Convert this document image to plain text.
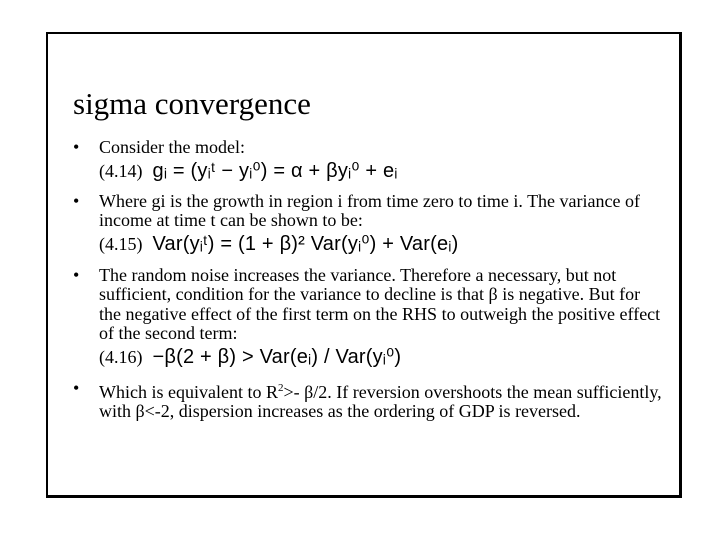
sigma convergence
•	Consider the model:
(4.14) gᵢ = (yᵢᵗ − yᵢ⁰) = α + βyᵢ⁰ + eᵢ
•	Where gi is the growth in region i from time zero to time i. The variance of income at time t can be shown to be:
(4.15) Var(yᵢᵗ) = (1 + β)² Var(yᵢ⁰) + Var(eᵢ)
•	The random noise increases the variance. Therefore a necessary, but not sufficient, condition for the variance to decline is that β is negative. But for the negative effect of the first term on the RHS to outweigh the positive effect of the second term:
(4.16) −β(2 + β) > Var(eᵢ) / Var(yᵢ⁰)
•	Which is equivalent to $R^2>-$ β/2. If reversion overshoots the mean sufficiently, with β<-2, dispersion increases as the ordering of GDP is reversed.
